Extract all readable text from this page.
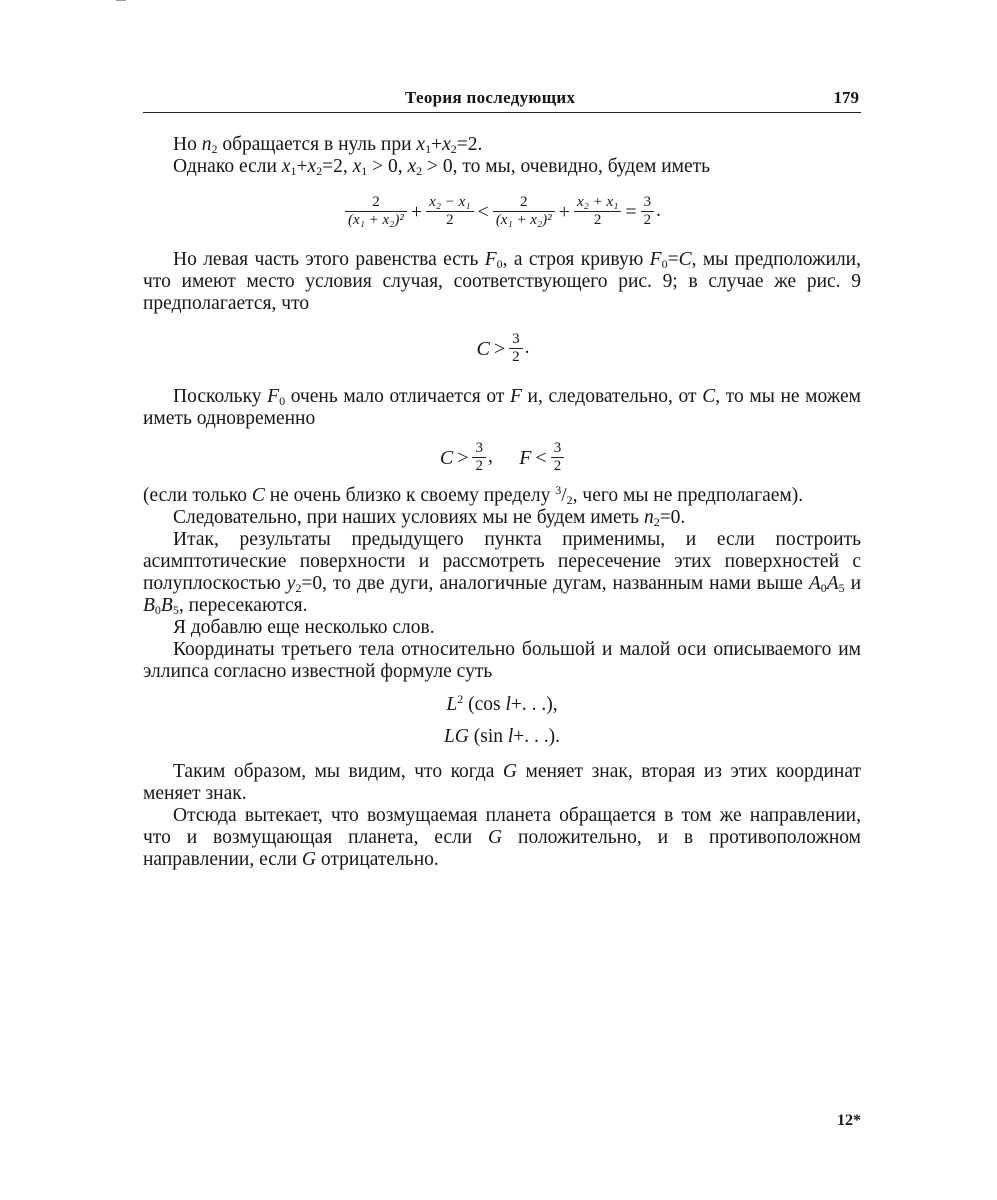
Теория последующих	179

Но $n_2$ обращается в нуль при $x_1+x_2=2$.

Однако если $x_1+x_2=2$, $x_1 > 0$, $x_2 > 0$, то мы, очевидно, будем иметь

$\frac{2}{\text{(x₁ + x₂)²}} + \frac{\text{x₂ − x₁}}{2} < \frac{2}{\text{(x₁ + x₂)²}} + \frac{\text{x₂ + x₁}}{2} = \frac{3}{2}$ .

Но левая часть этого равенства есть $F_0$, а строя кривую $F_0=C$, мы предположили, что имеют место условия случая, соответствующего рис. 9; в случае же рис. 9 предполагается, что

$C > \frac{3}{2}$ .

Поскольку $F_0$ очень мало отличается от F и, следовательно, от C, то мы не можем иметь одновременно

$C > \frac{3}{2}$ , $F < \frac{3}{2}$

(если только C не очень близко к своему пределу $^3/_2$, чего мы не предполагаем).

Следовательно, при наших условиях мы не будем иметь $n_2=0$.

Итак, результаты предыдущего пункта применимы, и если построить асимптотические поверхности и рассмотреть пересечение этих поверхностей с полуплоскостью $y_2=0$, то две дуги, аналогичные дугам, названным нами выше $A_0A_5$ и $B_0B_5$, пересекаются.

Я добавлю еще несколько слов.

Координаты третьего тела относительно большой и малой оси описываемого им эллипса согласно известной формуле суть

$L^2$ (cos l+. . .),
LG (sin l+. . .).

Таким образом, мы видим, что когда G меняет знак, вторая из этих координат меняет знак.

Отсюда вытекает, что возмущаемая планета обращается в том же направлении, что и возмущающая планета, если G положительно, и в противоположном направлении, если G отрицательно.

12*
